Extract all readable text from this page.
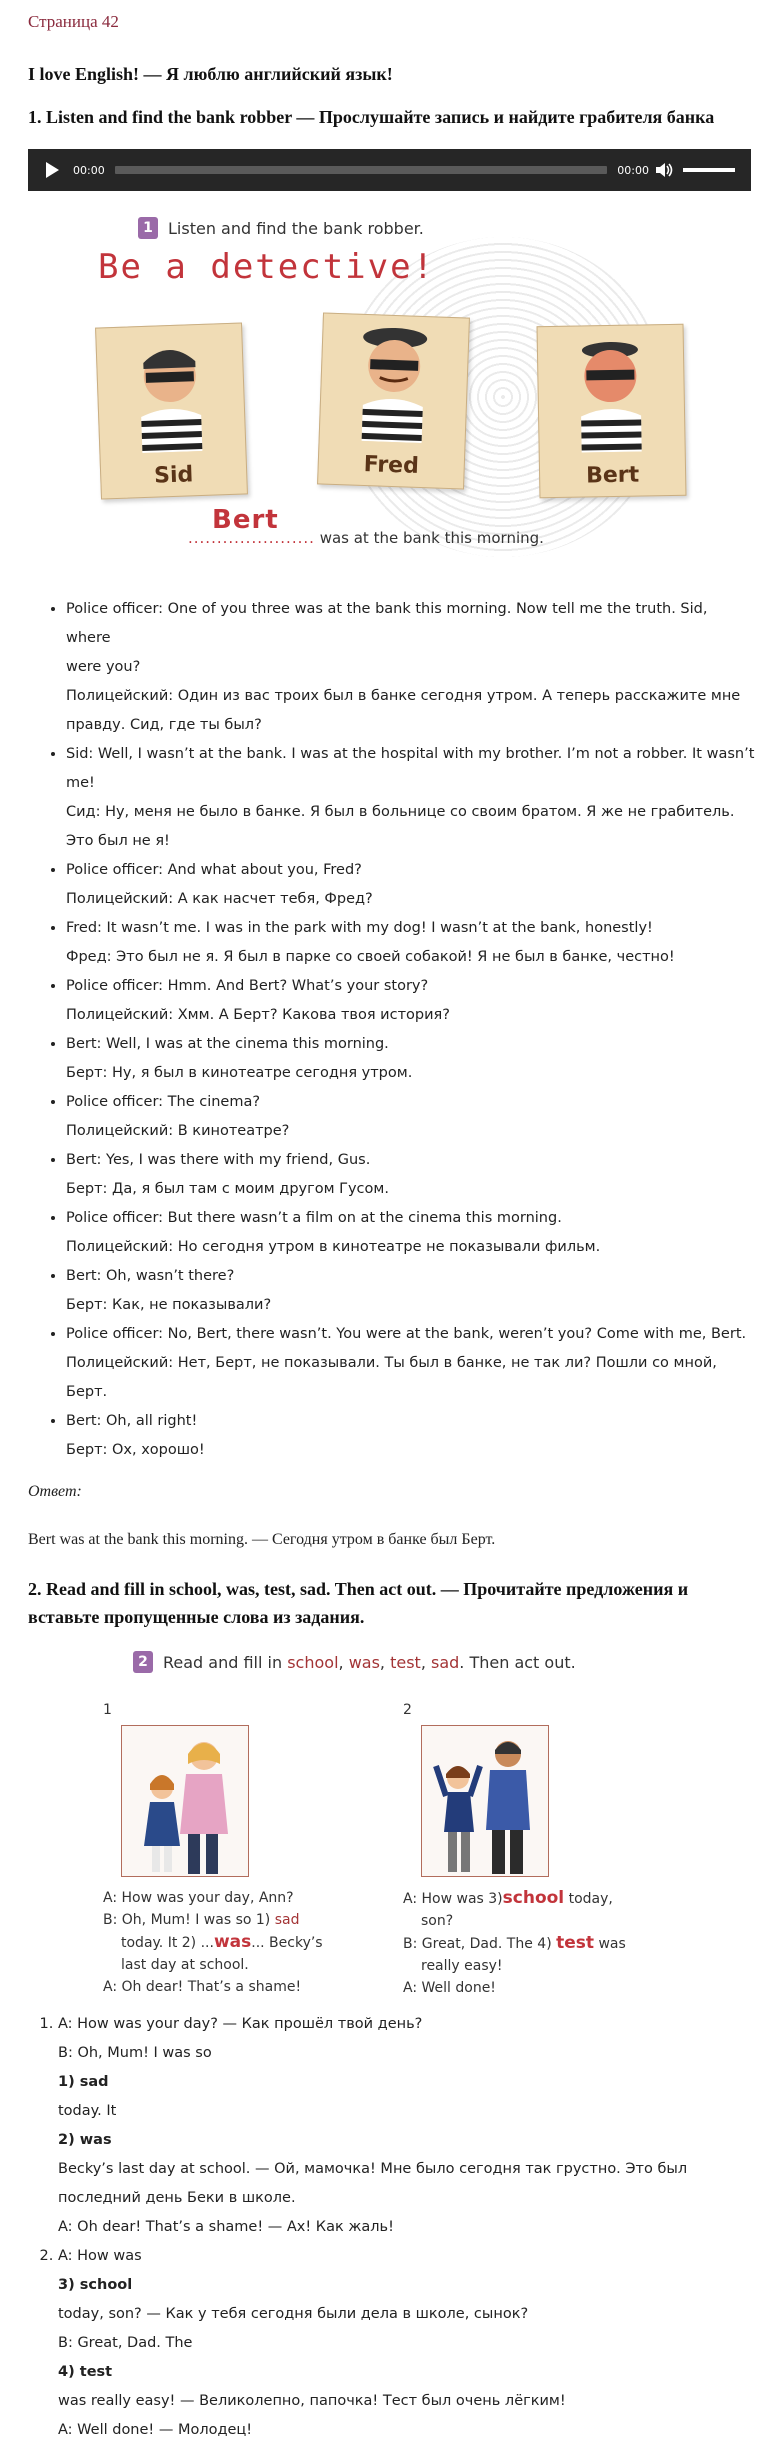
Страница 42
I love English! — Я люблю английский язык!
1. Listen and find the bank robber — Прослушайте запись и найдите грабителя банка
00:00	00:00
1 Listen and find the bank robber.
Be a detective!
Sid	Fred	Bert
......................
Bert
was at the bank this morning.
• Police officer: One of you three was at the bank this morning. Now tell me the truth. Sid, where
were you?
Полицейский: Один из вас троих был в банке сегодня утром. А теперь расскажите мне правду. Сид, где ты был?
• Sid: Well, I wasn’t at the bank. I was at the hospital with my brother. I’m not a robber. It wasn’t me!
Сид: Ну, меня не было в банке. Я был в больнице со своим братом. Я же не грабитель. Это был не я!
• Police officer: And what about you, Fred?
Полицейский: А как насчет тебя, Фред?
• Fred: It wasn’t me. I was in the park with my dog! I wasn’t at the bank, honestly!
Фред: Это был не я. Я был в парке со своей собакой! Я не был в банке, честно!
• Police officer: Hmm. And Bert? What’s your story?
Полицейский: Хмм. А Берт? Какова твоя история?
• Bert: Well, I was at the cinema this morning.
Берт: Ну, я был в кинотеатре сегодня утром.
• Police officer: The cinema?
Полицейский: В кинотеатре?
• Bert: Yes, I was there with my friend, Gus.
Берт: Да, я был там с моим другом Гусом.
• Police officer: But there wasn’t a film on at the cinema this morning.
Полицейский: Но сегодня утром в кинотеатре не показывали фильм.
• Bert: Oh, wasn’t there?
Берт: Как, не показывали?
• Police officer: No, Bert, there wasn’t. You were at the bank, weren’t you? Come with me, Bert.
Полицейский: Нет, Берт, не показывали. Ты был в банке, не так ли? Пошли со мной, Берт.
• Bert: Oh, all right!
Берт: Ох, хорошо!
Ответ:
Bert was at the bank this morning. — Сегодня утром в банке был Берт.
2. Read and fill in school, was, test, sad. Then act out. — Прочитайте предложения и вставьте пропущенные слова из задания.
2 Read and fill in school, was, test, sad. Then act out.
1
A: How was your day, Ann?
B: Oh, Mum! I was so 1) sad
today. It 2) ...was... Becky’s
last day at school.
A: Oh dear! That’s a shame!
2
A: How was 3)school today,
son?
B: Great, Dad. The 4) test was
really easy!
A: Well done!
1. A: How was your day? — Как прошёл твой день?
B: Oh, Mum! I was so
1) sad
today. It
2) was
Becky’s last day at school. — Ой, мамочка! Мне было сегодня так грустно. Это был последний день Беки в школе.
A: Oh dear! That’s a shame! — Ах! Как жаль!
2. A: How was
3) school
today, son? — Как у тебя сегодня были дела в школе, сынок?
B: Great, Dad. The
4) test
was really easy! — Великолепно, папочка! Тест был очень лёгким!
A: Well done! — Молодец!
